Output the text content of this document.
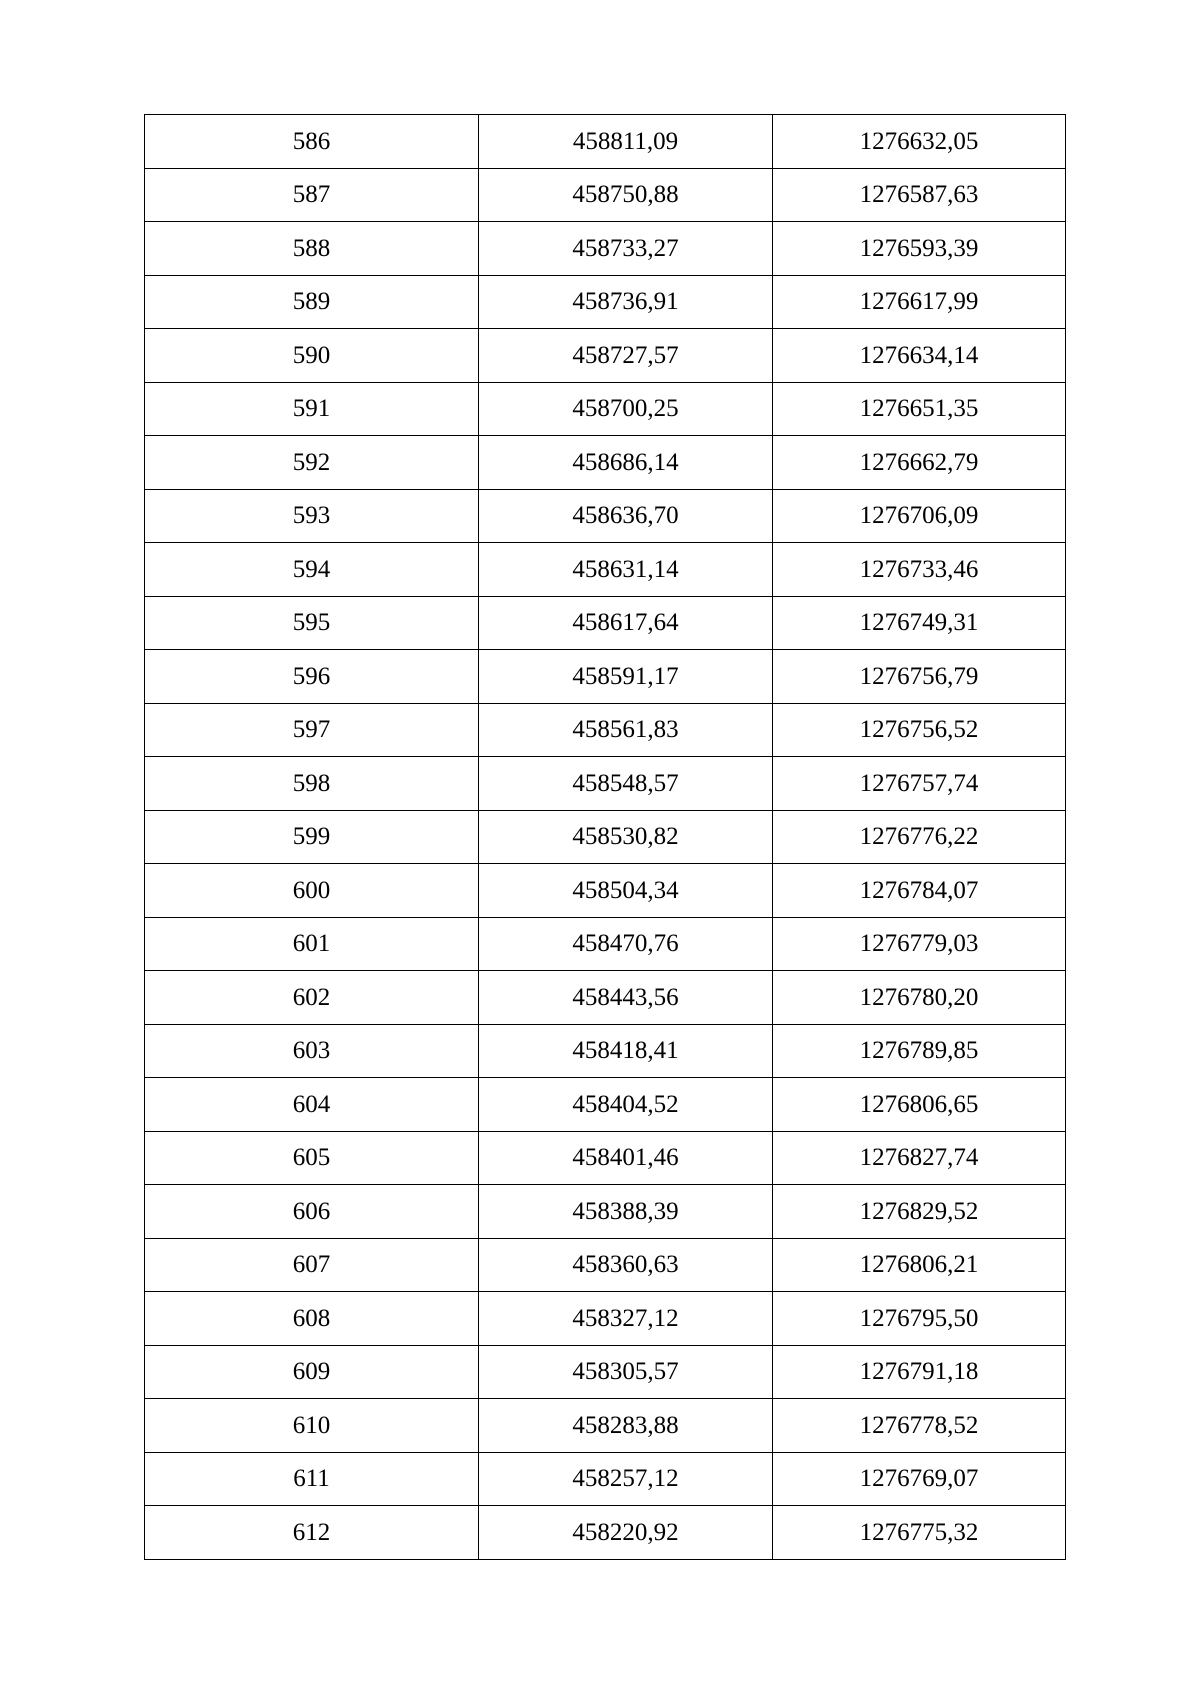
586	458811,09	1276632,05
587	458750,88	1276587,63
588	458733,27	1276593,39
589	458736,91	1276617,99
590	458727,57	1276634,14
591	458700,25	1276651,35
592	458686,14	1276662,79
593	458636,70	1276706,09
594	458631,14	1276733,46
595	458617,64	1276749,31
596	458591,17	1276756,79
597	458561,83	1276756,52
598	458548,57	1276757,74
599	458530,82	1276776,22
600	458504,34	1276784,07
601	458470,76	1276779,03
602	458443,56	1276780,20
603	458418,41	1276789,85
604	458404,52	1276806,65
605	458401,46	1276827,74
606	458388,39	1276829,52
607	458360,63	1276806,21
608	458327,12	1276795,50
609	458305,57	1276791,18
610	458283,88	1276778,52
611	458257,12	1276769,07
612	458220,92	1276775,32
